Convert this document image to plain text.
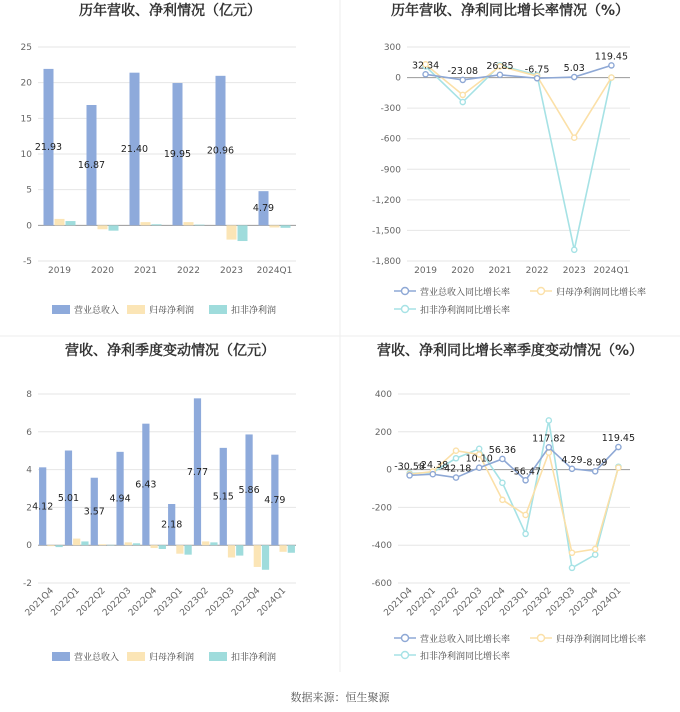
历年营收、净利情况（亿元）
-5
0
5
10
15
20
25
2019 2020 2021 2022 2023 2024Q1
21.93
16.87
21.40 19.95 20.96
4.79
营业总收入	归母净利润	扣非净利润
历年营收、净利同比增长率情况（%）
-1,800
-1,500
-1,200
-900
-600
-300
0
300
2019 2020 2021 2022 2023 2024Q1
32.34
-23.08 26.85 -6.75 5.03
119.45
营业总收入同比增长率	归母净利润同比增长率
扣非净利润同比增长率
营收、净利季度变动情况（亿元）
-2
0
2
4
6
8
2021Q4
2022Q1
2022Q2
2022Q3
2022Q4
2023Q1
2023Q2
2023Q3
2023Q4
2024Q1
4.12
5.01
3.57
4.94
6.43
2.18
7.77
5.15
5.86
4.79
营业总收入	归母净利润	扣非净利润
营收、净利同比增长率季度变动情况（%）
-600
-400
-200
0
200
400
2021Q4
2022Q1
2022Q2
2022Q3
2022Q4
2023Q1
2023Q2
2023Q3
2023Q4
2024Q1
-30.58
-24.38
-42.18
10.10
56.36
-56.47
117.82
4.29 -8.99
119.45
营业总收入同比增长率	归母净利润同比增长率
扣非净利润同比增长率
数据来源：恒生聚源
